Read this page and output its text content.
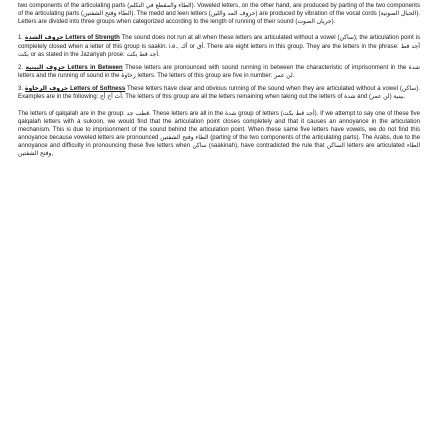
two components of the articulating parts (الطاء والمقطع في التكلم). Voweled letters, on the other hand, are produced by parting of the two components of the articulating parts (الطاء وفتح الشفتين). The medd and leen letters (حروف المد واللين) are produced by vibration of the vocal cords (الحبال الصوتية). Letters are divided into three groups when categorized according to the length of running of their sound (جريان الصوت).

1. حروف الشدة Letters of Strength The sound does not run at all when these letters are articulated without a vowel (ساكن); the articulation point is completely closed when a letter of this group is saakin. i.e., أك or أق. There are eight letters in this group. They are the letters in the phrase: أجد قط بكت or as stated in the Jazariyah prose: أجد قط بكت.
2. حروف البينية Letters in Between These letters are pronounced with sound running in between the characteristic of imprisonment in the شدة letters and the running of sound in the رخاوة letters. The letters of this group are five in number: لن عمر.
3. حروف الرخاوة Letters of Softness These letters have clear and obvious running of the sound when they are articulated without a vowel (ساكن). Examples are in the following: أث أخ أح. The letters of this group are all the letters remaining when taking out the letters of شدة and (لن عمر) بينية.

The letters of qalqalah are in the group: قطب جد. These letters are all in the شدة group of letters (أجد قط بكت). If we attempt to say one of these five qalqalah letters with a sukoon, we would find that the articulation point closes completely and that it causes an annoyance in the articulation mechanism. This is due to imprisonment of the sound behind the articulation point. When these same five letters have vowels, we do not find this annoyance because voweled letters are pronounced الطاء وفتح الشفتين (parting of the two components of the articulating parts). The Arabs, due to the annoyance and difficulty in pronouncing these five letters when ساكن (saakinah), have contradicted the rule that الساكن letters are articulated الطاء وفتح الشفتين,
